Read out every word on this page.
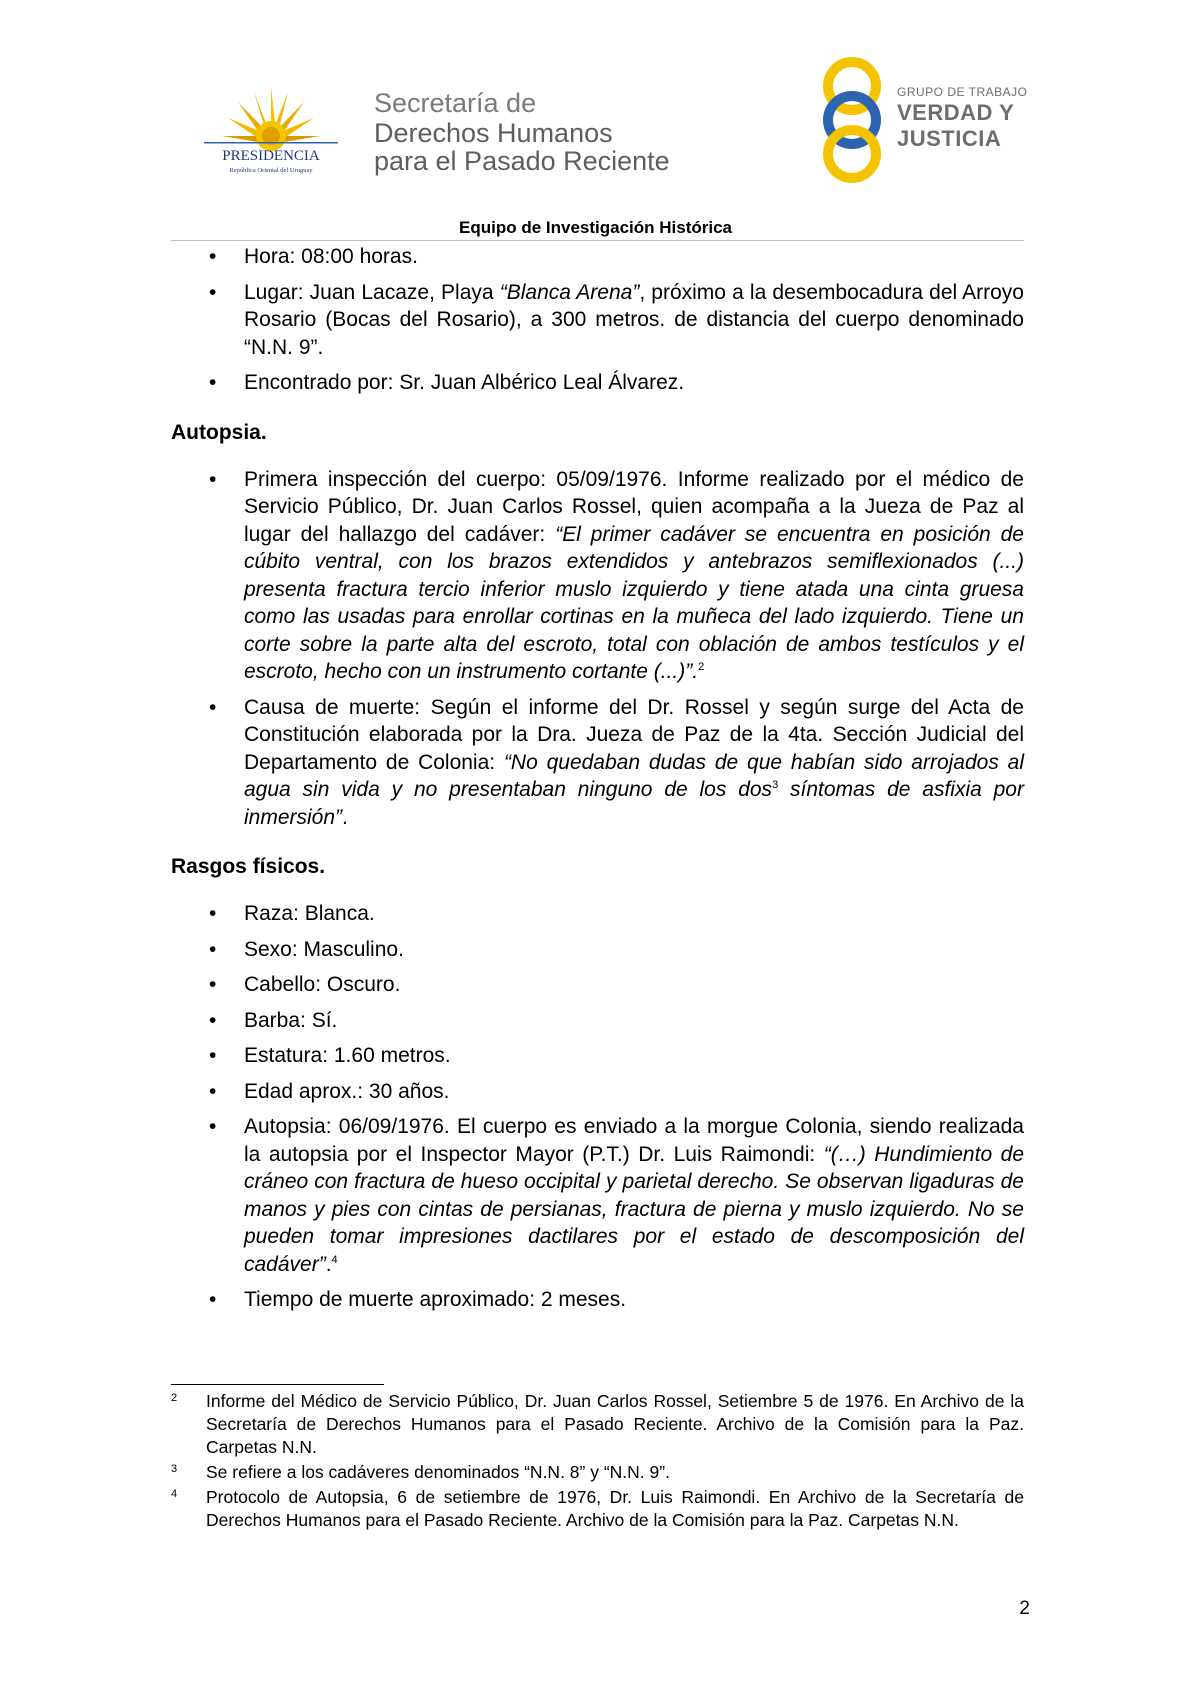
PRESIDENCIA
República Oriental del Uruguay
Secretaría de
Derechos Humanos
para el Pasado Reciente
GRUPO DE TRABAJO
VERDAD Y
JUSTICIA
Equipo de Investigación Histórica
• Hora: 08:00 horas.
• Lugar: Juan Lacaze, Playa “Blanca Arena”, próximo a la desembocadura del Arroyo Rosario (Bocas del Rosario), a 300 metros. de distancia del cuerpo denominado “N.N. 9”.
• Encontrado por: Sr. Juan Albérico Leal Álvarez.
Autopsia.
• Primera inspección del cuerpo: 05/09/1976. Informe realizado por el médico de Servicio Público, Dr. Juan Carlos Rossel, quien acompaña a la Jueza de Paz al lugar del hallazgo del cadáver: “El primer cadáver se encuentra en posición de cúbito ventral, con los brazos extendidos y antebrazos semiflexionados (...) presenta fractura tercio inferior muslo izquierdo y tiene atada una cinta gruesa como las usadas para enrollar cortinas en la muñeca del lado izquierdo. Tiene un corte sobre la parte alta del escroto, total con oblación de ambos testículos y el escroto, hecho con un instrumento cortante (...)”.$^2$
• Causa de muerte: Según el informe del Dr. Rossel y según surge del Acta de Constitución elaborada por la Dra. Jueza de Paz de la 4ta. Sección Judicial del Departamento de Colonia: “No quedaban dudas de que habían sido arrojados al agua sin vida y no presentaban ninguno de los dos$^3$ síntomas de asfixia por inmersión”.
Rasgos físicos.
• Raza: Blanca.
• Sexo: Masculino.
• Cabello: Oscuro.
• Barba: Sí.
• Estatura: 1.60 metros.
• Edad aprox.: 30 años.
• Autopsia: 06/09/1976. El cuerpo es enviado a la morgue Colonia, siendo realizada la autopsia por el Inspector Mayor (P.T.) Dr. Luis Raimondi: “(…) Hundimiento de cráneo con fractura de hueso occipital y parietal derecho. Se observan ligaduras de manos y pies con cintas de persianas, fractura de pierna y muslo izquierdo. No se pueden tomar impresiones dactilares por el estado de descomposición del cadáver”.$^4$
• Tiempo de muerte aproximado: 2 meses.
2 Informe del Médico de Servicio Público, Dr. Juan Carlos Rossel, Setiembre 5 de 1976. En Archivo de la Secretaría de Derechos Humanos para el Pasado Reciente. Archivo de la Comisión para la Paz. Carpetas N.N.
3 Se refiere a los cadáveres denominados “N.N. 8” y “N.N. 9”.
4 Protocolo de Autopsia, 6 de setiembre de 1976, Dr. Luis Raimondi. En Archivo de la Secretaría de Derechos Humanos para el Pasado Reciente. Archivo de la Comisión para la Paz. Carpetas N.N.
2
